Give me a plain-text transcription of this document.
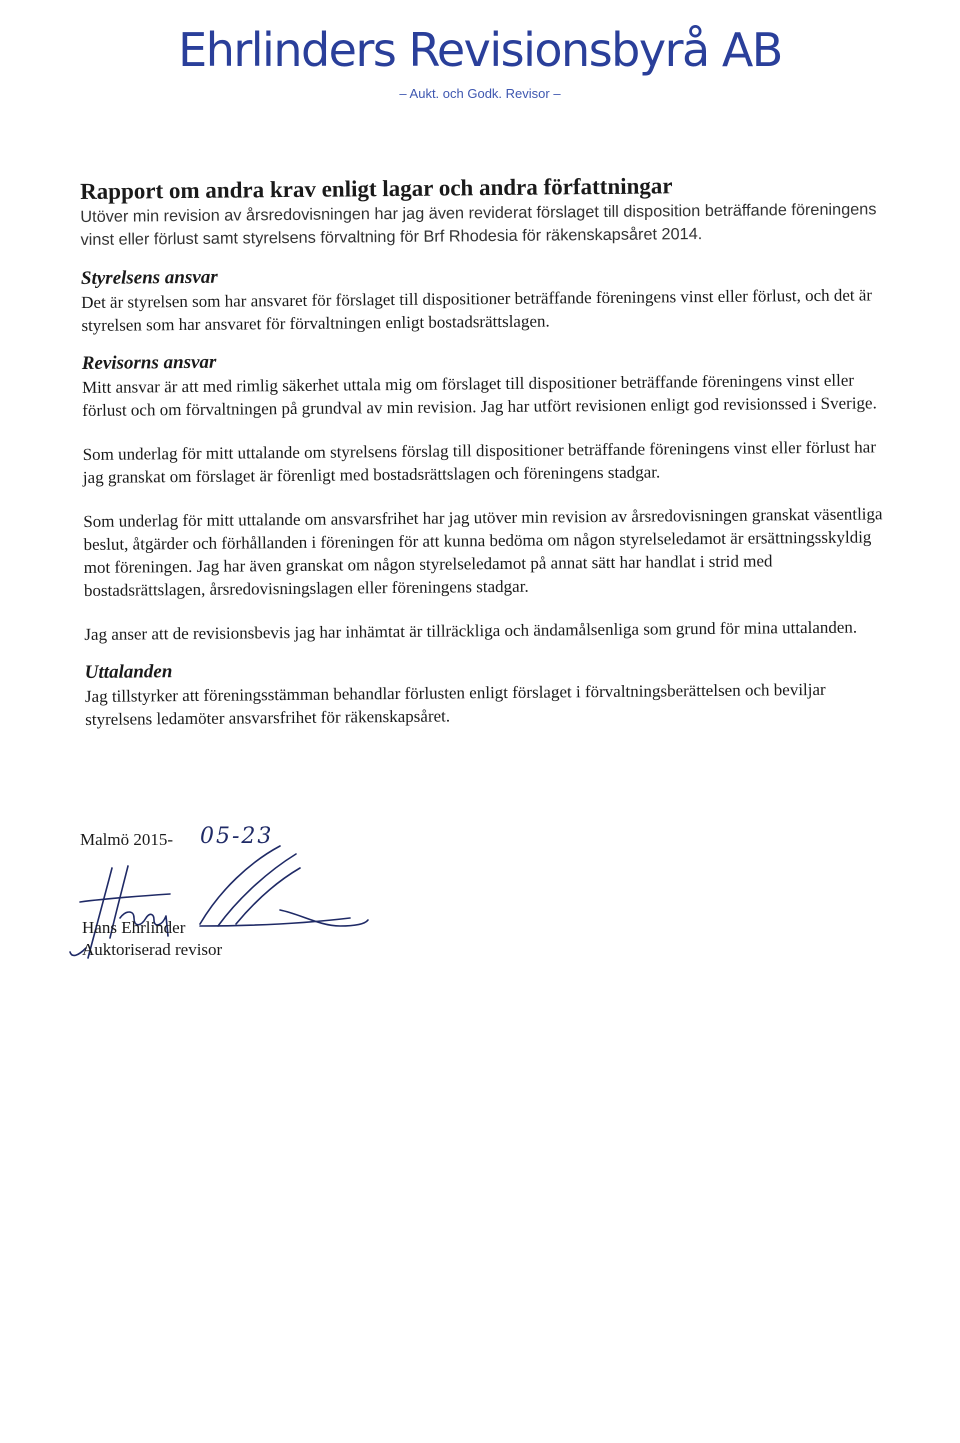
Ehrlinders Revisionsbyrå AB
– Aukt. och Godk. Revisor –
Rapport om andra krav enligt lagar och andra författningar

Utöver min revision av årsredovisningen har jag även reviderat förslaget till disposition beträffande föreningens vinst eller förlust samt styrelsens förvaltning för Brf Rhodesia för räkenskapsåret 2014.

Styrelsens ansvar

Det är styrelsen som har ansvaret för förslaget till dispositioner beträffande föreningens vinst eller förlust, och det är styrelsen som har ansvaret för förvaltningen enligt bostadsrättslagen.

Revisorns ansvar

Mitt ansvar är att med rimlig säkerhet uttala mig om förslaget till dispositioner beträffande föreningens vinst eller förlust och om förvaltningen på grundval av min revision. Jag har utfört revisionen enligt god revisionssed i Sverige.

Som underlag för mitt uttalande om styrelsens förslag till dispositioner beträffande föreningens vinst eller förlust har jag granskat om förslaget är förenligt med bostadsrättslagen och föreningens stadgar.

Som underlag för mitt uttalande om ansvarsfrihet har jag utöver min revision av årsredovisningen granskat väsentliga beslut, åtgärder och förhållanden i föreningen för att kunna bedöma om någon styrelseledamot är ersättningsskyldig mot föreningen. Jag har även granskat om någon styrelseledamot på annat sätt har handlat i strid med bostadsrättslagen, årsredovisningslagen eller föreningens stadgar.

Jag anser att de revisionsbevis jag har inhämtat är tillräckliga och ändamålsenliga som grund för mina uttalanden.

Uttalanden

Jag tillstyrker att föreningsstämman behandlar förlusten enligt förslaget i förvaltningsberättelsen och beviljar styrelsens ledamöter ansvarsfrihet för räkenskapsåret.

Malmö 2015- 05-23
Hans Ehrlinder
Auktoriserad revisor
